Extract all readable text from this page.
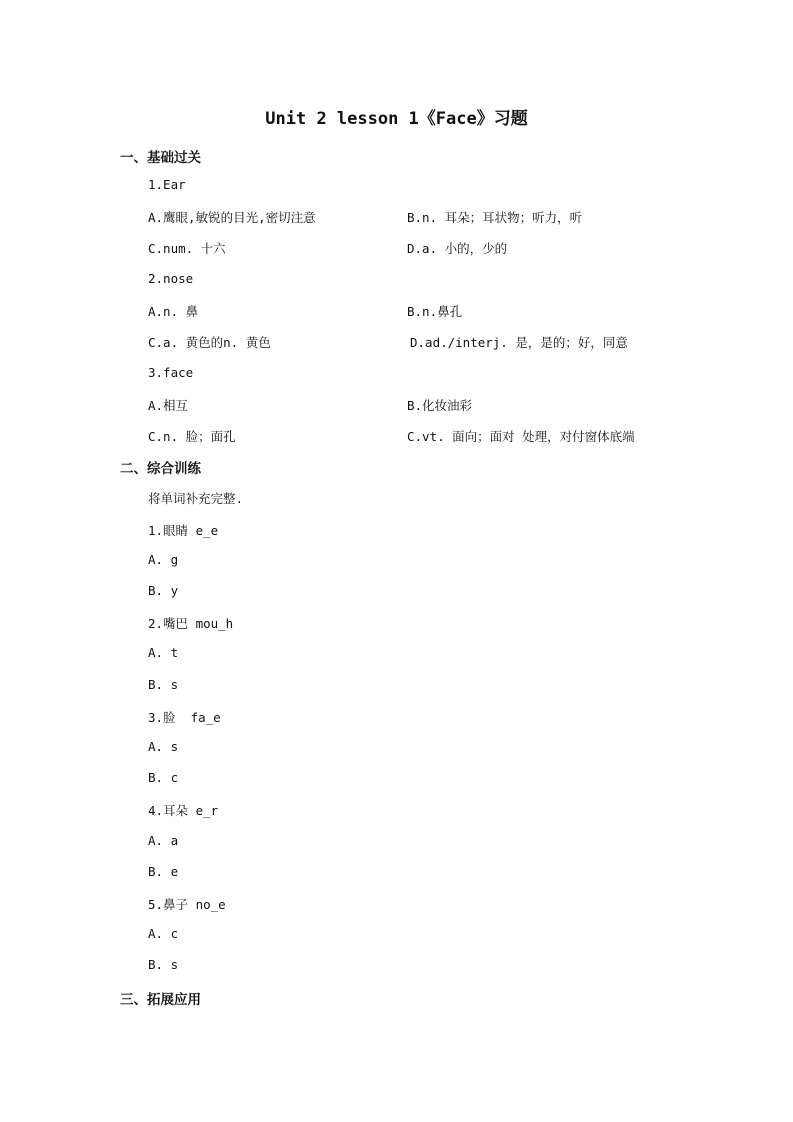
Unit 2 lesson 1《Face》习题
一、基础过关
1.Ear
A.鹰眼,敏锐的目光,密切注意	B.n. 耳朵；耳状物；听力，听
C.num. 十六	D.a. 小的，少的
2.nose
A.n. 鼻	B.n.鼻孔
C.a. 黄色的n. 黄色	D.ad./interj. 是，是的；好，同意
3.face
A.相互	B.化妆油彩
C.n. 脸；面孔	C.vt. 面向；面对 处理，对付窗体底端
二、综合训练
将单词补充完整.
1.眼睛 e_e
A. g
B. y
2.嘴巴 mou_h
A. t
B. s
3.脸  fa_e
A. s
B. c
4.耳朵 e_r
A. a
B. e
5.鼻子 no_e
A. c
B. s
三、拓展应用
